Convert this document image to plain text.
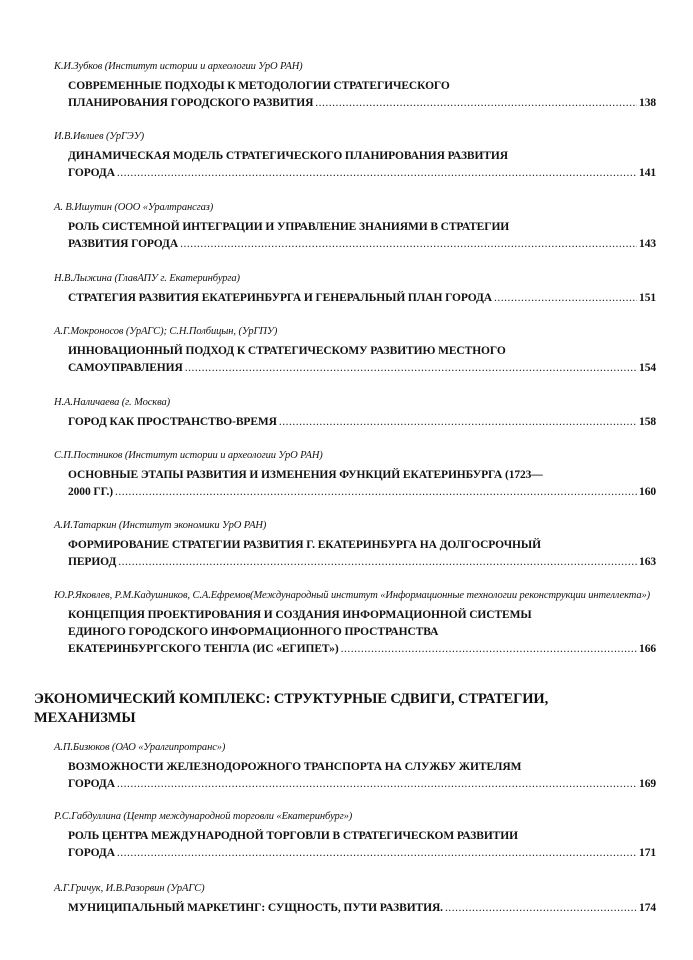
К.И.Зубков (Институт истории и археологии УрО РАН)
СОВРЕМЕННЫЕ ПОДХОДЫ К МЕТОДОЛОГИИ СТРАТЕГИЧЕСКОГО
ПЛАНИРОВАНИЯ ГОРОДСКОГО РАЗВИТИЯ .....	138
И.В.Ивлиев (УрГЭУ)
ДИНАМИЧЕСКАЯ МОДЕЛЬ СТРАТЕГИЧЕСКОГО ПЛАНИРОВАНИЯ РАЗВИТИЯ
ГОРОДА .....	141
А. В.Ишутин (ООО «Уралтрансгаз)
РОЛЬ СИСТЕМНОЙ ИНТЕГРАЦИИ И УПРАВЛЕНИЕ ЗНАНИЯМИ В СТРАТЕГИИ
РАЗВИТИЯ ГОРОДА .....	143
Н.В.Лыжина (ГлавАПУ г. Екатеринбурга)
СТРАТЕГИЯ РАЗВИТИЯ ЕКАТЕРИНБУРГА И ГЕНЕРАЛЬНЫЙ ПЛАН ГОРОДА .....	151
А.Г.Мокроносов (УрАГС); С.Н.Полбицын, (УрГПУ)
ИННОВАЦИОННЫЙ ПОДХОД К СТРАТЕГИЧЕСКОМУ РАЗВИТИЮ МЕСТНОГО
САМОУПРАВЛЕНИЯ .....	154
Н.А.Наличаева (г. Москва)
ГОРОД КАК ПРОСТРАНСТВО-ВРЕМЯ .....	158
С.П.Постников (Институт истории и археологии УрО РАН)
ОСНОВНЫЕ ЭТАПЫ РАЗВИТИЯ И ИЗМЕНЕНИЯ ФУНКЦИЙ ЕКАТЕРИНБУРГА (1723—
2000 ГГ.) .....	160
А.И.Татаркин (Институт экономики УрО РАН)
ФОРМИРОВАНИЕ СТРАТЕГИИ РАЗВИТИЯ Г. ЕКАТЕРИНБУРГА НА ДОЛГОСРОЧНЫЙ
ПЕРИОД .....	163
Ю.Р.Яковлев, Р.М.Кадушников, С.А.Ефремов(Международный институт «Информационные технологии реконструкции интеллекта»)
КОНЦЕПЦИЯ ПРОЕКТИРОВАНИЯ И СОЗДАНИЯ ИНФОРМАЦИОННОЙ СИСТЕМЫ
ЕДИНОГО ГОРОДСКОГО ИНФОРМАЦИОННОГО ПРОСТРАНСТВА
ЕКАТЕРИНБУРГСКОГО ТЕНГЛА (ИС «ЕГИПЕТ») .....	166
ЭКОНОМИЧЕСКИЙ КОМПЛЕКС: СТРУКТУРНЫЕ СДВИГИ, СТРАТЕГИИ,
МЕХАНИЗМЫ
А.П.Бизюков (ОАО «Уралгипротранс»)
ВОЗМОЖНОСТИ ЖЕЛЕЗНОДОРОЖНОГО ТРАНСПОРТА НА СЛУЖБУ ЖИТЕЛЯМ
ГОРОДА .....	169
Р.С.Габдуллина (Центр международной торговли «Екатеринбург»)
РОЛЬ ЦЕНТРА МЕЖДУНАРОДНОЙ ТОРГОВЛИ В СТРАТЕГИЧЕСКОМ РАЗВИТИИ
ГОРОДА .....	171
А.Г.Гричук, И.В.Разорвин (УрАГС)
МУНИЦИПАЛЬНЫЙ МАРКЕТИНГ: СУЩНОСТЬ, ПУТИ РАЗВИТИЯ. .....	174
